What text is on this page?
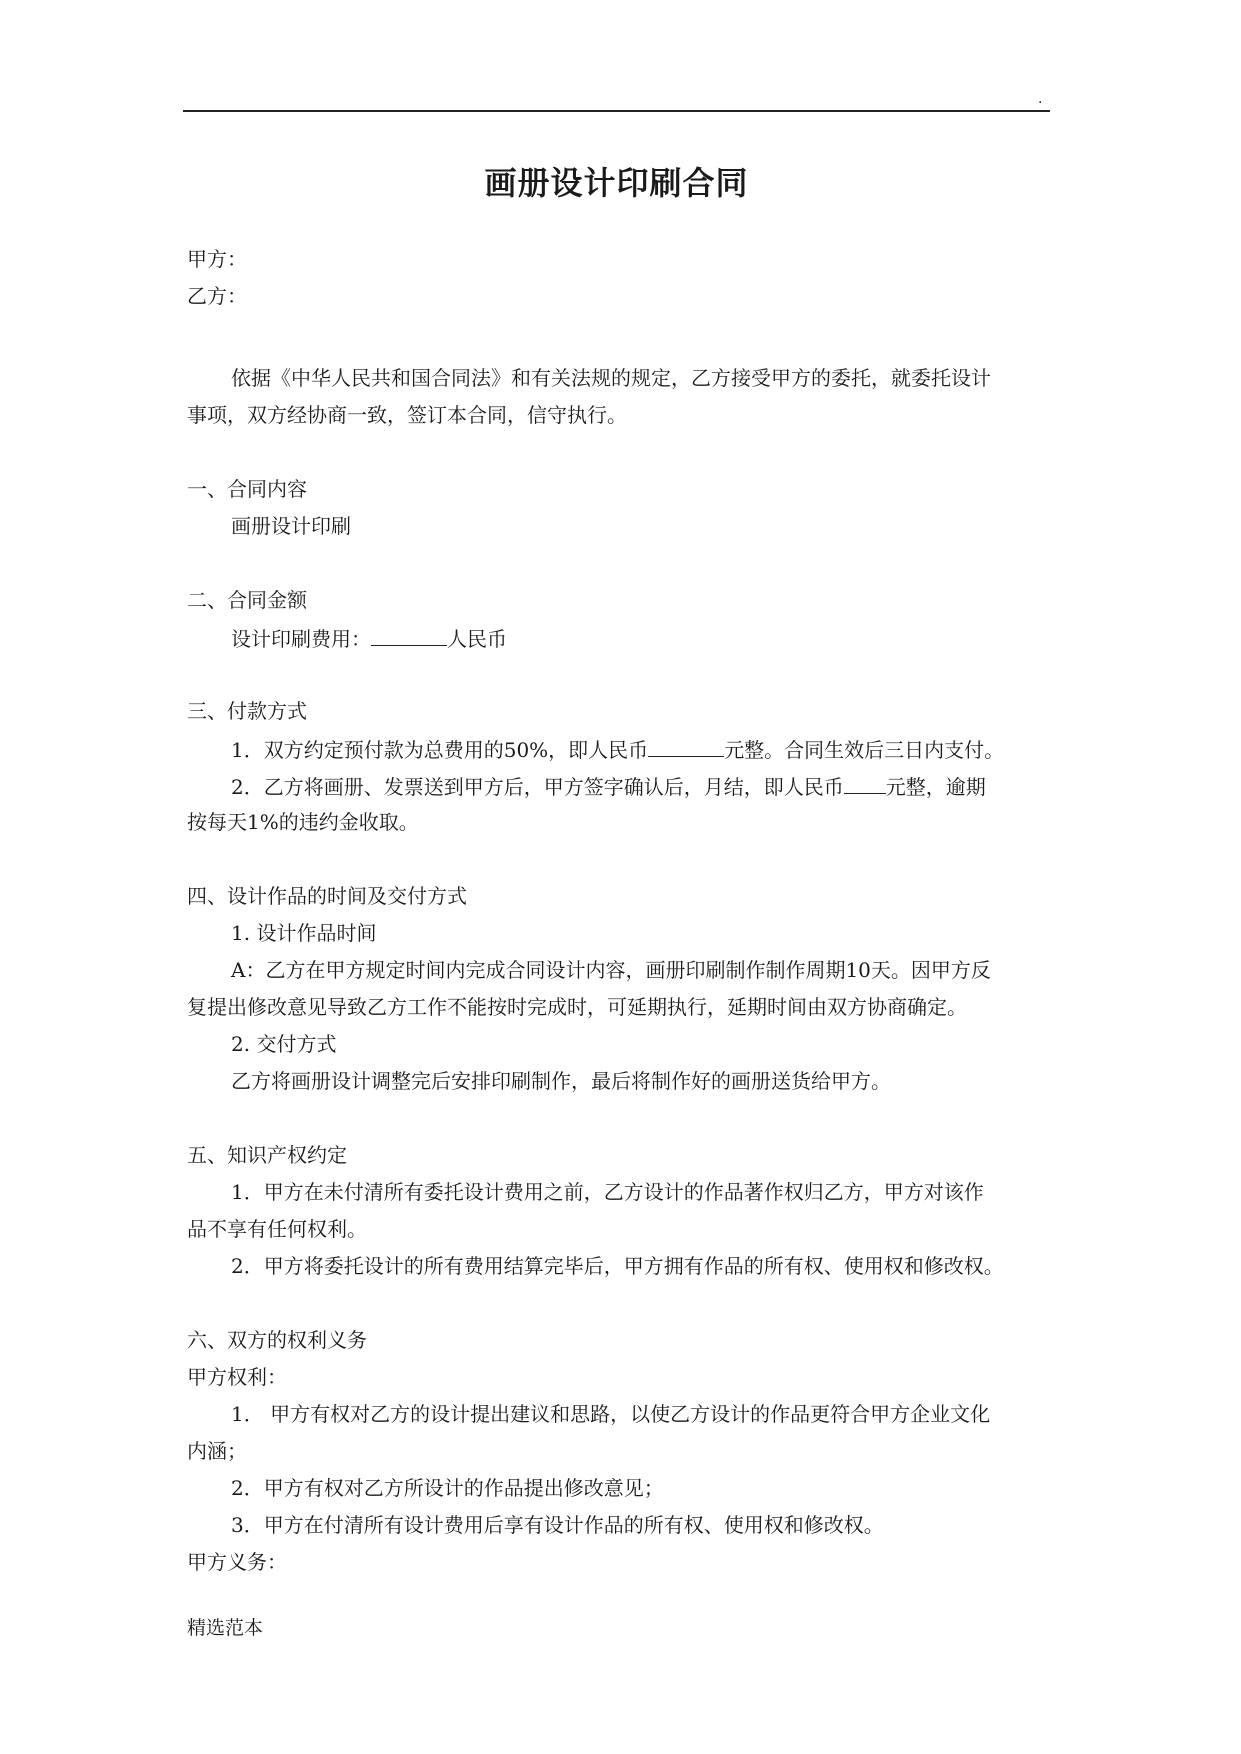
.
画册设计印刷合同
甲方：
乙方：
依据《中华人民共和国合同法》和有关法规的规定，乙方接受甲方的委托，就委托设计
事项，双方经协商一致，签订本合同，信守执行。
一、合同内容
画册设计印刷
二、合同金额
设计印刷费用：	人民币
三、付款方式
1．双方约定预付款为总费用的50%，即人民币	元整。合同生效后三日内支付。
2．乙方将画册、发票送到甲方后，甲方签字确认后，月结，即人民币 元整，逾期
按每天1%的违约金收取。
四、设计作品的时间及交付方式
1. 设计作品时间
A：乙方在甲方规定时间内完成合同设计内容，画册印刷制作制作周期10天。因甲方反
复提出修改意见导致乙方工作不能按时完成时，可延期执行，延期时间由双方协商确定。
2. 交付方式
乙方将画册设计调整完后安排印刷制作，最后将制作好的画册送货给甲方。
五、知识产权约定
1．甲方在未付清所有委托设计费用之前，乙方设计的作品著作权归乙方，甲方对该作
品不享有任何权利。
2．甲方将委托设计的所有费用结算完毕后，甲方拥有作品的所有权、使用权和修改权。
六、双方的权利义务
甲方权利：
1． 甲方有权对乙方的设计提出建议和思路，以使乙方设计的作品更符合甲方企业文化
内涵；
2．甲方有权对乙方所设计的作品提出修改意见；
3．甲方在付清所有设计费用后享有设计作品的所有权、使用权和修改权。
甲方义务：
精选范本
